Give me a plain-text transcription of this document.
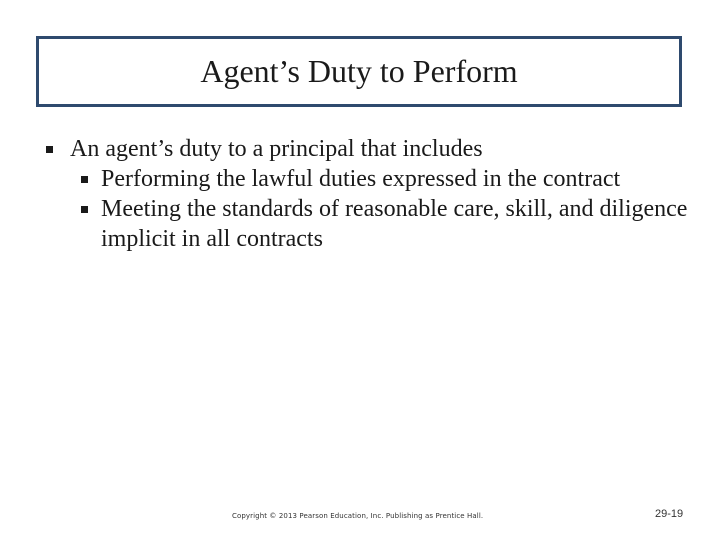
Agent’s Duty to Perform
An agent’s duty to a principal that includes
Performing the lawful duties expressed in the contract
Meeting the standards of reasonable care, skill, and diligence implicit in all contracts
Copyright © 2013 Pearson Education, Inc. Publishing as Prentice Hall.	29-19
